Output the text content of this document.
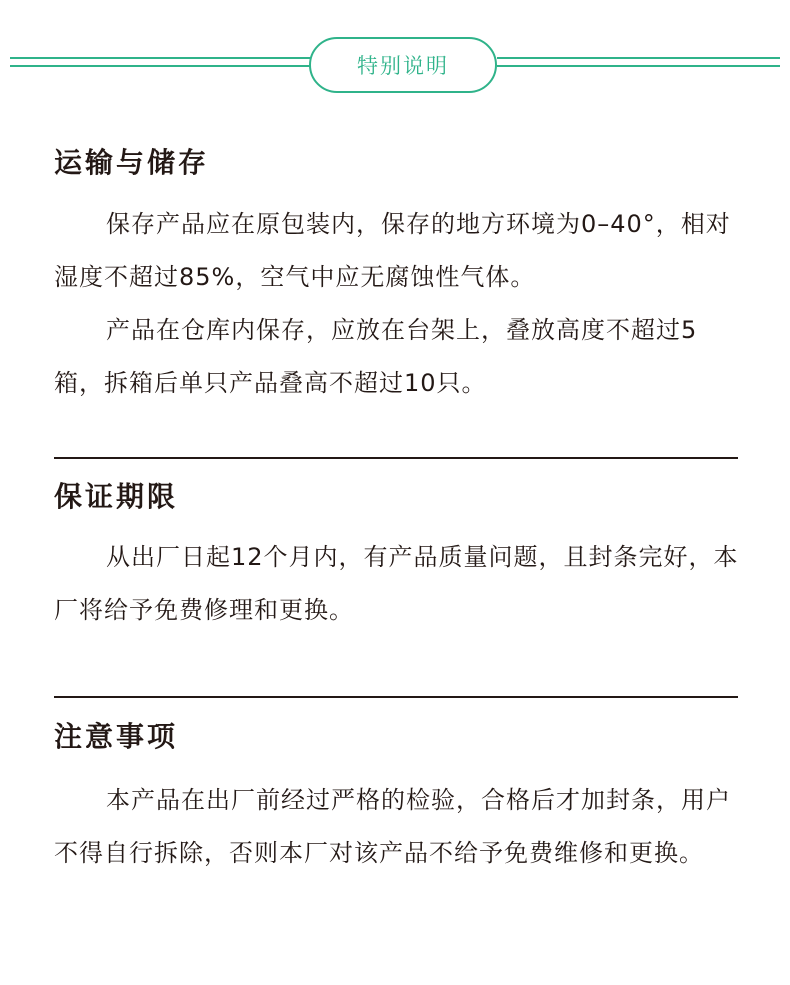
特别说明
运输与储存

保存产品应在原包装内，保存的地方环境为0–40°，相对湿度不超过85%，空气中应无腐蚀性气体。

产品在仓库内保存，应放在台架上，叠放高度不超过5箱，拆箱后单只产品叠高不超过10只。

保证期限

从出厂日起12个月内，有产品质量问题，且封条完好，本厂将给予免费修理和更换。

注意事项

本产品在出厂前经过严格的检验，合格后才加封条，用户不得自行拆除，否则本厂对该产品不给予免费维修和更换。
